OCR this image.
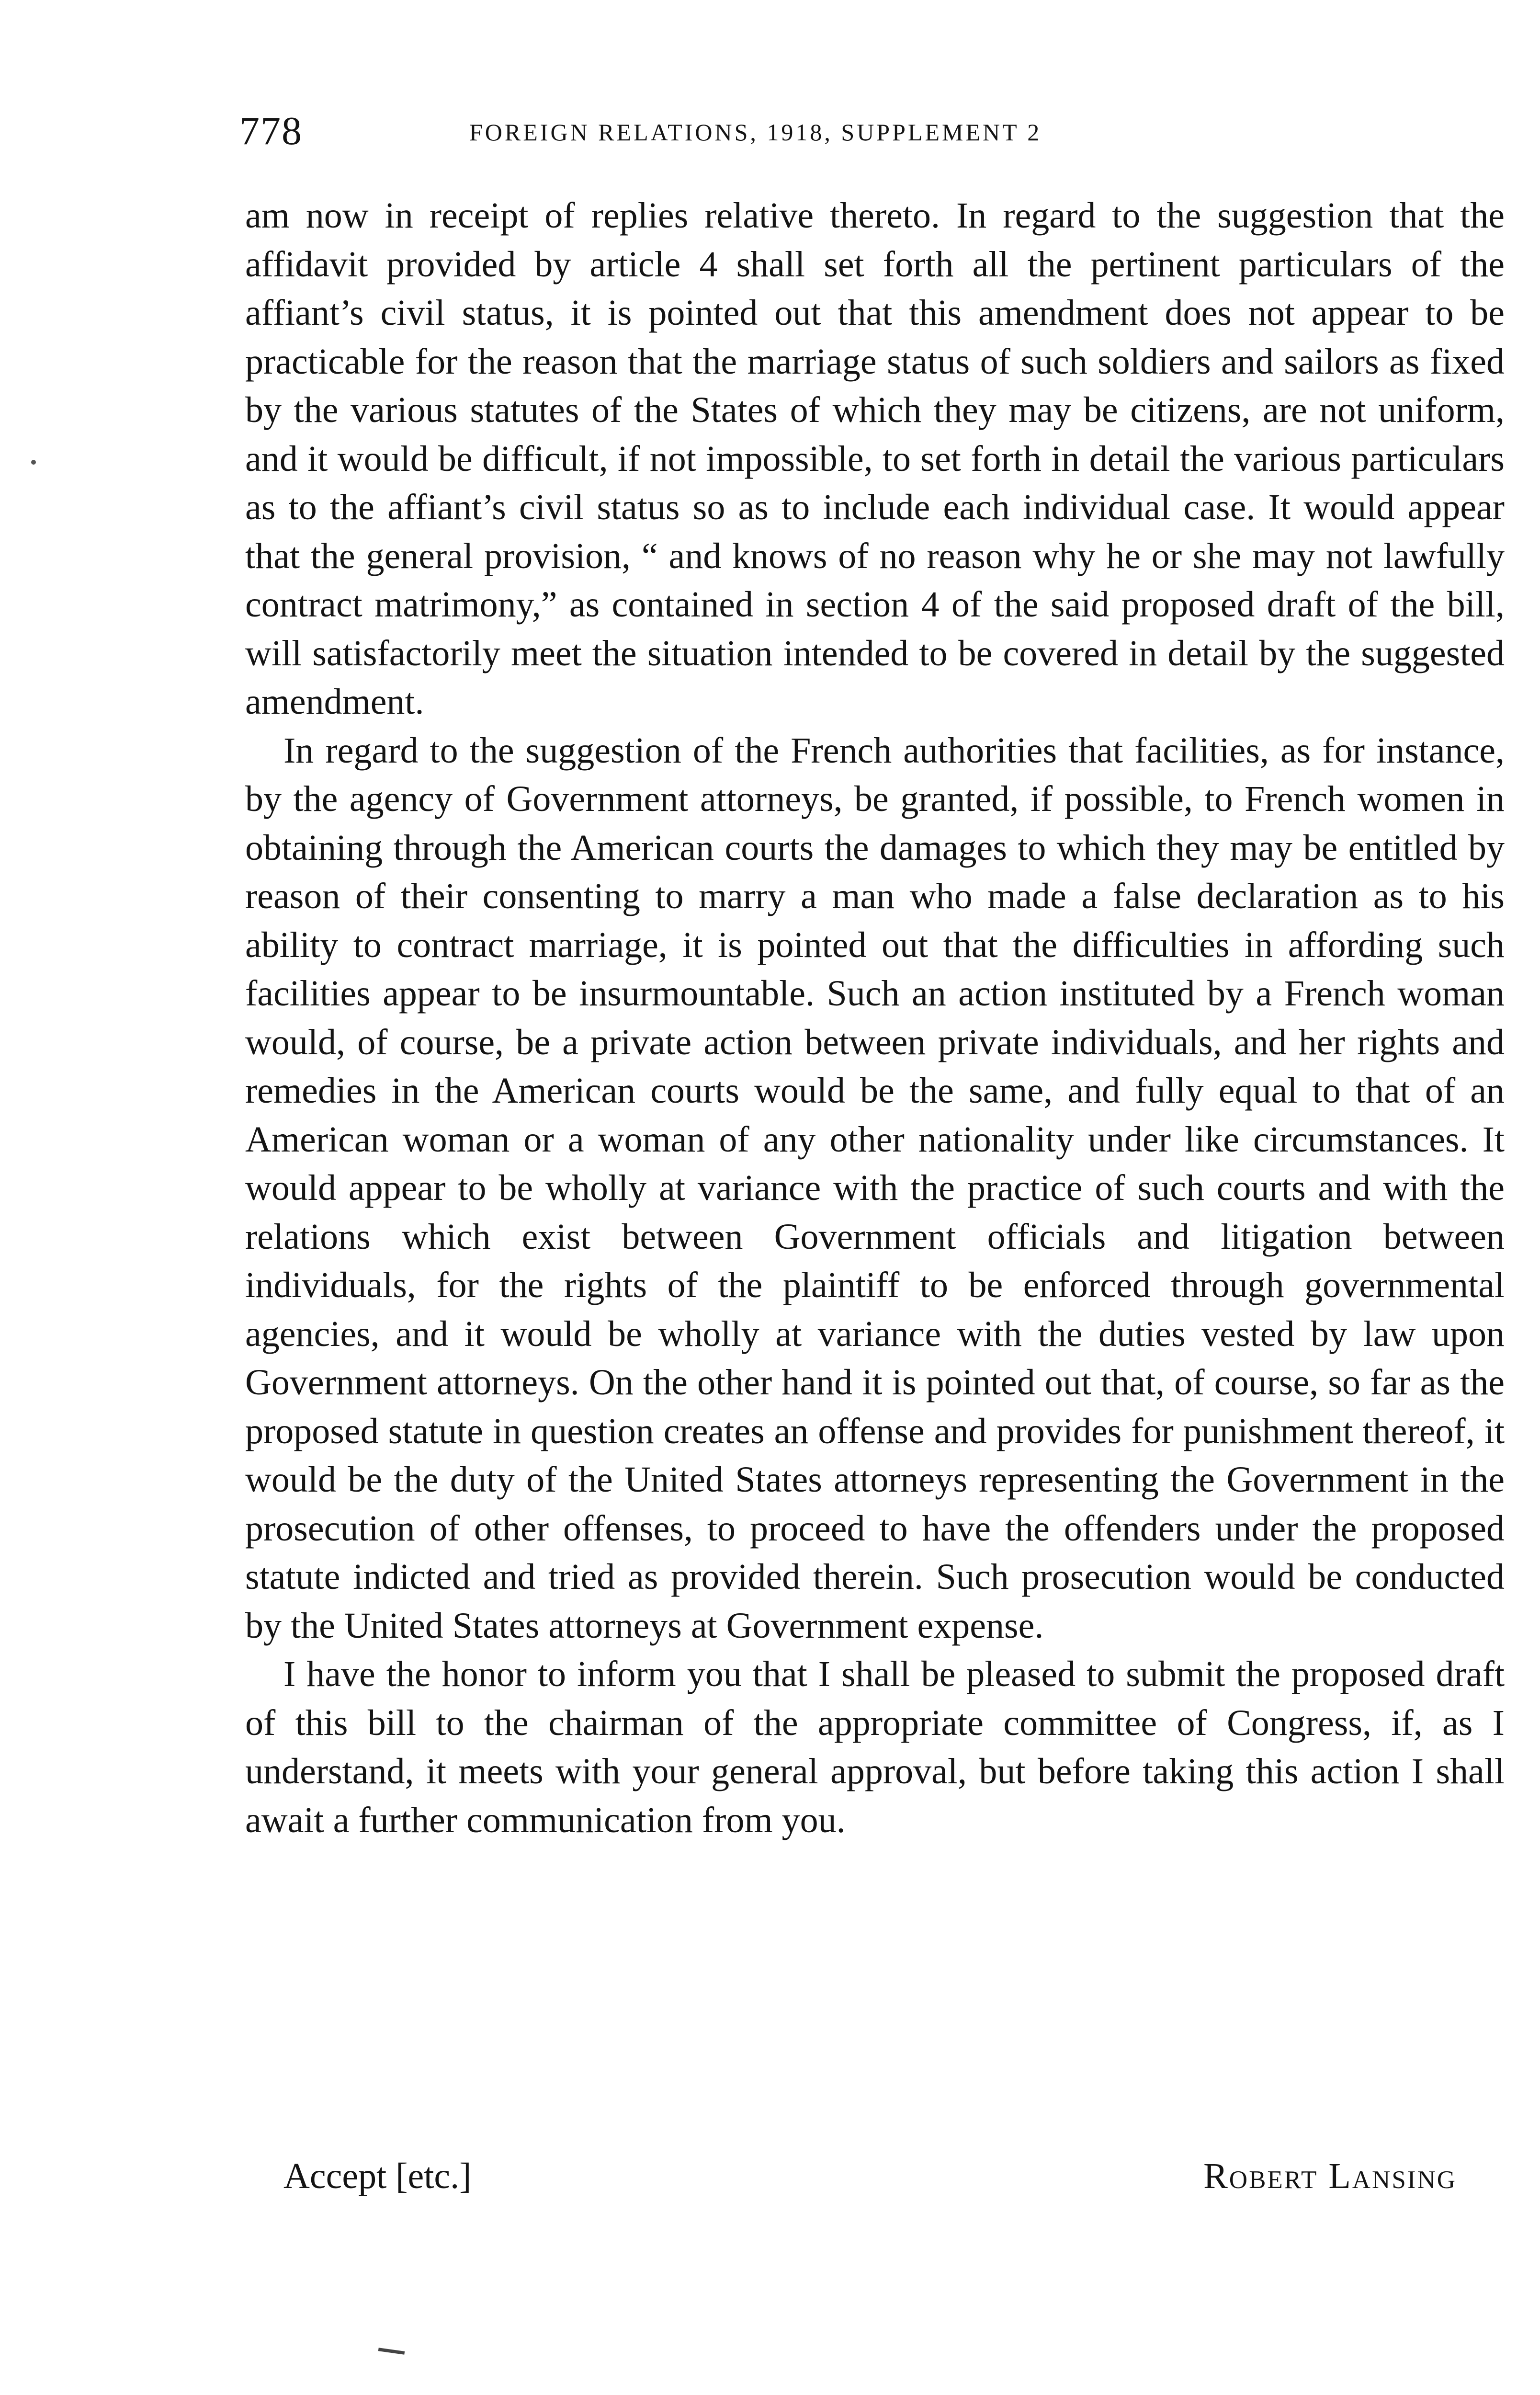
778	FOREIGN RELATIONS, 1918, SUPPLEMENT 2

am now in receipt of replies relative thereto. In regard to the suggestion that the affidavit provided by article 4 shall set forth all the pertinent particulars of the affiant’s civil status, it is pointed out that this amendment does not appear to be practicable for the reason that the marriage status of such soldiers and sailors as fixed by the various statutes of the States of which they may be citizens, are not uniform, and it would be difficult, if not impossible, to set forth in detail the various particulars as to the affiant’s civil status so as to include each individual case. It would appear that the general provision, “ and knows of no reason why he or she may not lawfully contract matrimony,” as contained in section 4 of the said proposed draft of the bill, will satisfactorily meet the situation intended to be covered in detail by the suggested amendment.

In regard to the suggestion of the French authorities that facilities, as for instance, by the agency of Government attorneys, be granted, if possible, to French women in obtaining through the American courts the damages to which they may be entitled by reason of their consenting to marry a man who made a false declaration as to his ability to contract marriage, it is pointed out that the difficulties in affording such facilities appear to be insurmountable. Such an action instituted by a French woman would, of course, be a private action between private individuals, and her rights and remedies in the American courts would be the same, and fully equal to that of an American woman or a woman of any other nationality under like circumstances. It would appear to be wholly at variance with the practice of such courts and with the relations which exist between Government officials and litigation between individuals, for the rights of the plaintiff to be enforced through governmental agencies, and it would be wholly at variance with the duties vested by law upon Government attorneys. On the other hand it is pointed out that, of course, so far as the proposed statute in question creates an offense and provides for punishment thereof, it would be the duty of the United States attorneys representing the Government in the prosecution of other offenses, to proceed to have the offenders under the proposed statute indicted and tried as provided therein. Such prosecution would be conducted by the United States attorneys at Government expense.

I have the honor to inform you that I shall be pleased to submit the proposed draft of this bill to the chairman of the appropriate committee of Congress, if, as I understand, it meets with your general approval, but before taking this action I shall await a further communication from you.

Accept [etc.]	Robert Lansing
